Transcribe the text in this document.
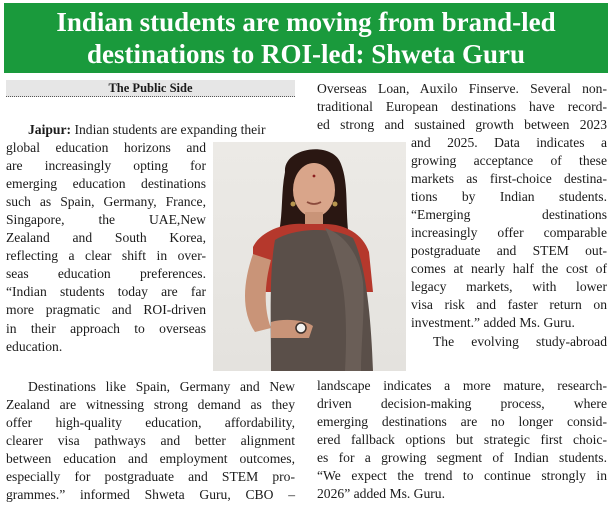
Indian students are moving from brand-led
destinations to ROI-led: Shweta Guru
The Public Side
Jaipur: Indian students are expanding their
global education horizons and
are increasingly opting for
emerging education destinations
such as Spain, Germany, France,
Singapore, the UAE,New
Zealand and South Korea,
reflecting a clear shift in over-
seas education preferences.
“Indian students today are far
more pragmatic and ROI-driven
in their approach to overseas
education.
Destinations like Spain, Germany and New
Zealand are witnessing strong demand as they
offer high-quality education, affordability,
clearer visa pathways and better alignment
between education and employment outcomes,
especially for postgraduate and STEM pro-
grammes.” informed Shweta Guru, CBO –
Overseas Loan, Auxilo Finserve. Several non-
traditional European destinations have record-
ed strong and sustained growth between 2023
and 2025. Data indicates a
growing acceptance of these
markets as first-choice destina-
tions by Indian students.
“Emerging destinations
increasingly offer comparable
postgraduate and STEM out-
comes at nearly half the cost of
legacy markets, with lower
visa risk and faster return on
investment.” added Ms. Guru.
The evolving study-abroad
landscape indicates a more mature, research-
driven decision-making process, where
emerging destinations are no longer consid-
ered fallback options but strategic first choic-
es for a growing segment of Indian students.
“We expect the trend to continue strongly in
2026” added Ms. Guru.
